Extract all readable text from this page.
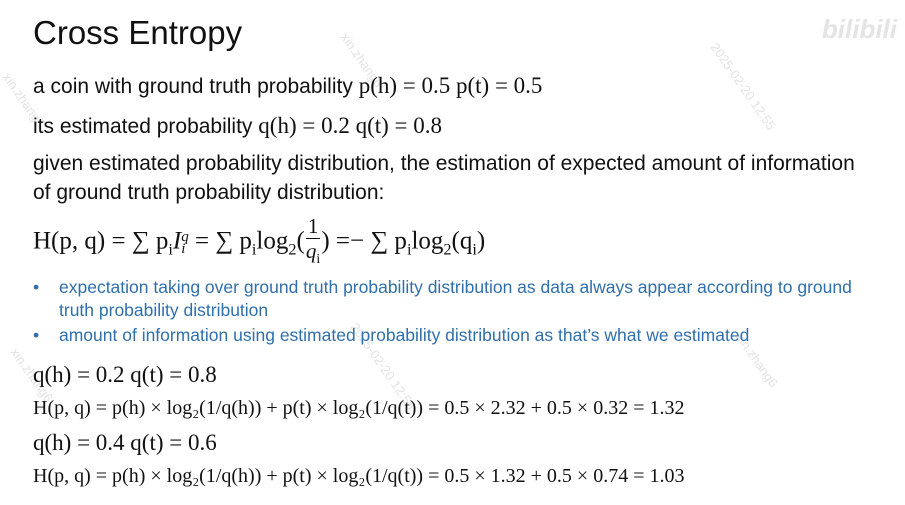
xin.zhang6
xin.zhang6	2025-02-20 12:55
xin.zhang6	2025-02-20 12:55	xin.zhang6
bilibili
Cross Entropy
a coin with ground truth probability p(h) = 0.5 p(t) = 0.5
its estimated probability q(h) = 0.2 q(t) = 0.8
given estimated probability distribution, the estimation of expected amount of information of ground truth probability distribution:
H(p, q) = ∑ $p_iI$ q
i = ∑ $p_i\log_2( \frac{1}{q_i}$ ) =− ∑ $p_i\log_2(q_i)$
• expectation taking over ground truth probability distribution as data always appear according to ground truth probability distribution
• amount of information using estimated probability distribution as that’s what we estimated
q(h) = 0.2 q(t) = 0.8
H(p, q) = p(h) × log₂(1/q(h)) + p(t) × log₂(1/q(t)) = 0.5 × 2.32 + 0.5 × 0.32 = 1.32
q(h) = 0.4 q(t) = 0.6
H(p, q) = p(h) × log₂(1/q(h)) + p(t) × log₂(1/q(t)) = 0.5 × 1.32 + 0.5 × 0.74 = 1.03
